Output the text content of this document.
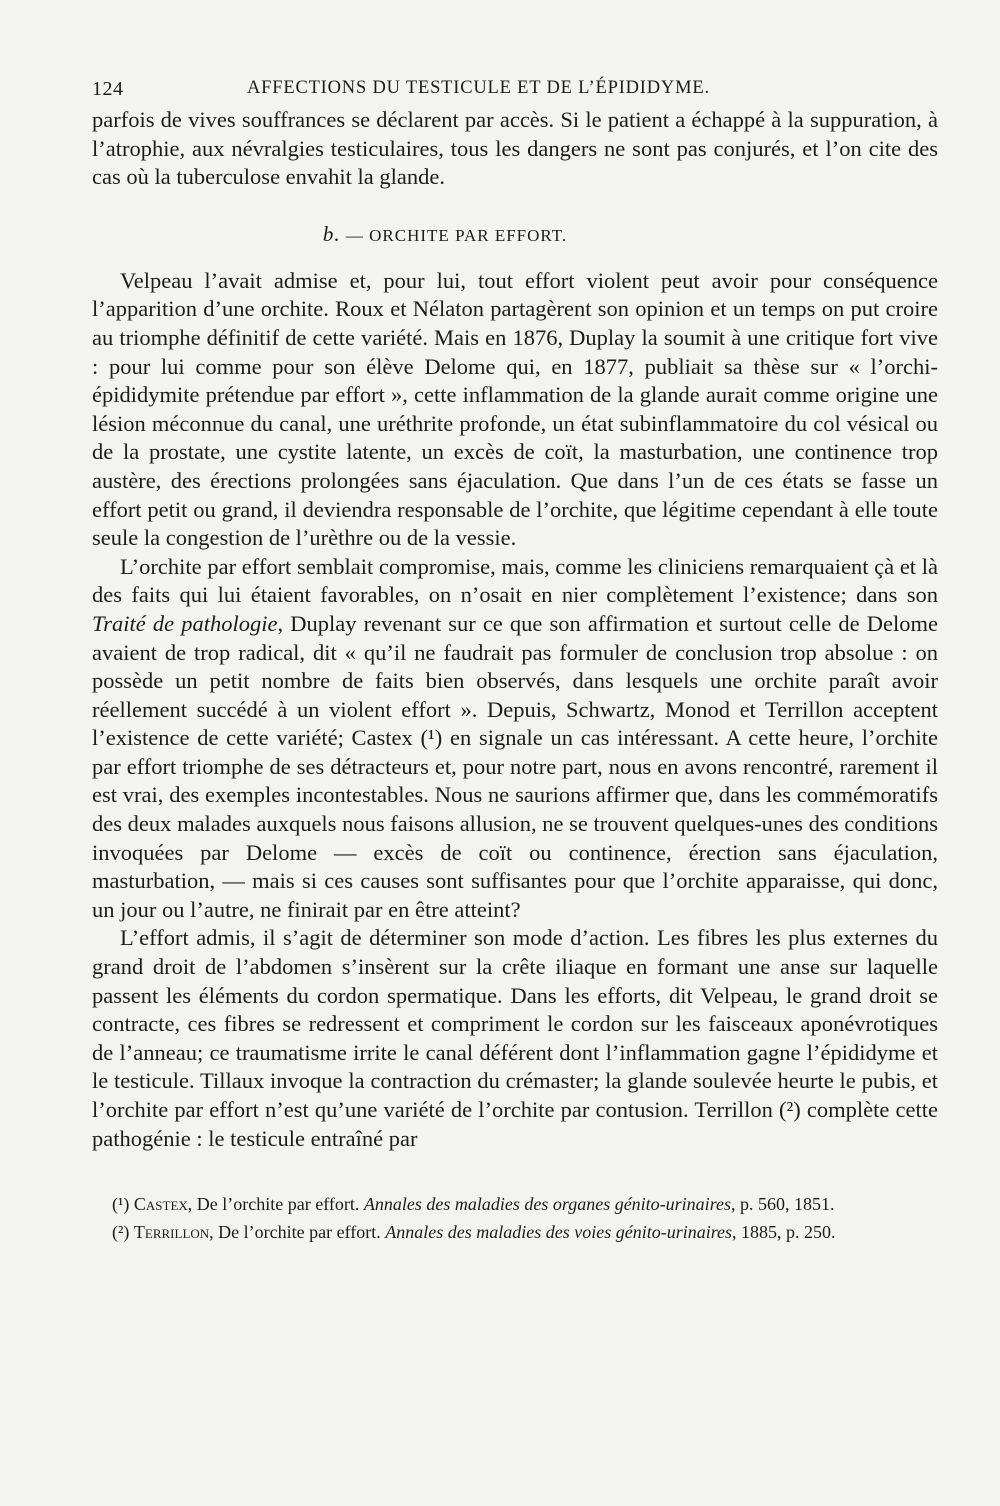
124	AFFECTIONS DU TESTICULE ET DE L’ÉPIDIDYME.

parfois de vives souffrances se déclarent par accès. Si le patient a échappé à la suppuration, à l’atrophie, aux névralgies testiculaires, tous les dangers ne sont pas conjurés, et l’on cite des cas où la tuberculose envahit la glande.

b. — ORCHITE PAR EFFORT.

Velpeau l’avait admise et, pour lui, tout effort violent peut avoir pour conséquence l’apparition d’une orchite. Roux et Nélaton partagèrent son opinion et un temps on put croire au triomphe définitif de cette variété. Mais en 1876, Duplay la soumit à une critique fort vive : pour lui comme pour son élève Delome qui, en 1877, publiait sa thèse sur « l’orchi-épididymite prétendue par effort », cette inflammation de la glande aurait comme origine une lésion méconnue du canal, une uréthrite profonde, un état subinflammatoire du col vésical ou de la prostate, une cystite latente, un excès de coït, la masturbation, une continence trop austère, des érections prolongées sans éjaculation. Que dans l’un de ces états se fasse un effort petit ou grand, il deviendra responsable de l’orchite, que légitime cependant à elle toute seule la congestion de l’urèthre ou de la vessie.

L’orchite par effort semblait compromise, mais, comme les cliniciens remarquaient çà et là des faits qui lui étaient favorables, on n’osait en nier complètement l’existence; dans son Traité de pathologie, Duplay revenant sur ce que son affirmation et surtout celle de Delome avaient de trop radical, dit « qu’il ne faudrait pas formuler de conclusion trop absolue : on possède un petit nombre de faits bien observés, dans lesquels une orchite paraît avoir réellement succédé à un violent effort ». Depuis, Schwartz, Monod et Terrillon acceptent l’existence de cette variété; Castex (¹) en signale un cas intéressant. A cette heure, l’orchite par effort triomphe de ses détracteurs et, pour notre part, nous en avons rencontré, rarement il est vrai, des exemples incontestables. Nous ne saurions affirmer que, dans les commémoratifs des deux malades auxquels nous faisons allusion, ne se trouvent quelques-unes des conditions invoquées par Delome — excès de coït ou continence, érection sans éjaculation, masturbation, — mais si ces causes sont suffisantes pour que l’orchite apparaisse, qui donc, un jour ou l’autre, ne finirait par en être atteint?

L’effort admis, il s’agit de déterminer son mode d’action. Les fibres les plus externes du grand droit de l’abdomen s’insèrent sur la crête iliaque en formant une anse sur laquelle passent les éléments du cordon spermatique. Dans les efforts, dit Velpeau, le grand droit se contracte, ces fibres se redressent et compriment le cordon sur les faisceaux aponévrotiques de l’anneau; ce traumatisme irrite le canal déférent dont l’inflammation gagne l’épididyme et le testicule. Tillaux invoque la contraction du crémaster; la glande soulevée heurte le pubis, et l’orchite par effort n’est qu’une variété de l’orchite par contusion. Terrillon (²) complète cette pathogénie : le testicule entraîné par

(¹) Castex, De l’orchite par effort. Annales des maladies des organes génito-urinaires, p. 560, 1851.

(²) Terrillon, De l’orchite par effort. Annales des maladies des voies génito-urinaires, 1885, p. 250.
